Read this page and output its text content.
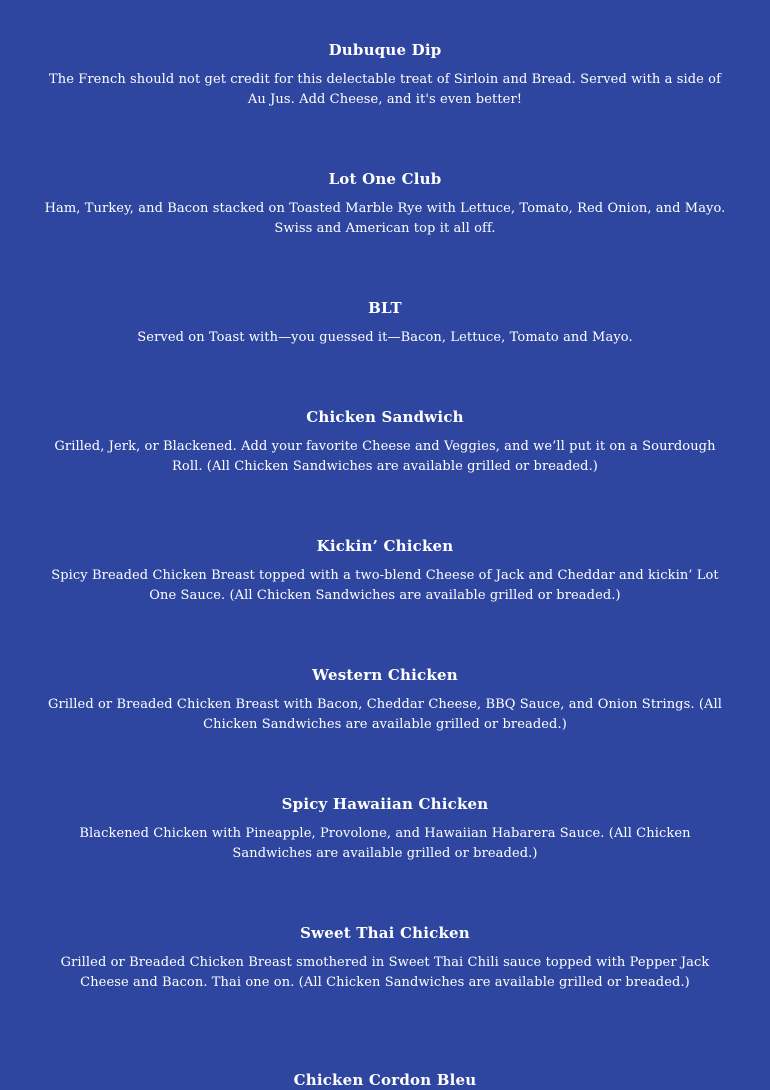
Dubuque Dip

The French should not get credit for this delectable treat of Sirloin and Bread. Served with a side of Au Jus. Add Cheese, and it's even better!

Lot One Club

Ham, Turkey, and Bacon stacked on Toasted Marble Rye with Lettuce, Tomato, Red Onion, and Mayo. Swiss and American top it all off.

BLT

Served on Toast with—you guessed it—Bacon, Lettuce, Tomato and Mayo.

Chicken Sandwich

Grilled, Jerk, or Blackened. Add your favorite Cheese and Veggies, and we’ll put it on a Sourdough Roll. (All Chicken Sandwiches are available grilled or breaded.)

Kickin’ Chicken

Spicy Breaded Chicken Breast topped with a two-blend Cheese of Jack and Cheddar and kickin’ Lot One Sauce. (All Chicken Sandwiches are available grilled or breaded.)

Western Chicken

Grilled or Breaded Chicken Breast with Bacon, Cheddar Cheese, BBQ Sauce, and Onion Strings. (All Chicken Sandwiches are available grilled or breaded.)

Spicy Hawaiian Chicken

Blackened Chicken with Pineapple, Provolone, and Hawaiian Habarera Sauce. (All Chicken Sandwiches are available grilled or breaded.)

Sweet Thai Chicken

Grilled or Breaded Chicken Breast smothered in Sweet Thai Chili sauce topped with Pepper Jack Cheese and Bacon. Thai one on. (All Chicken Sandwiches are available grilled or breaded.)

Chicken Cordon Bleu
